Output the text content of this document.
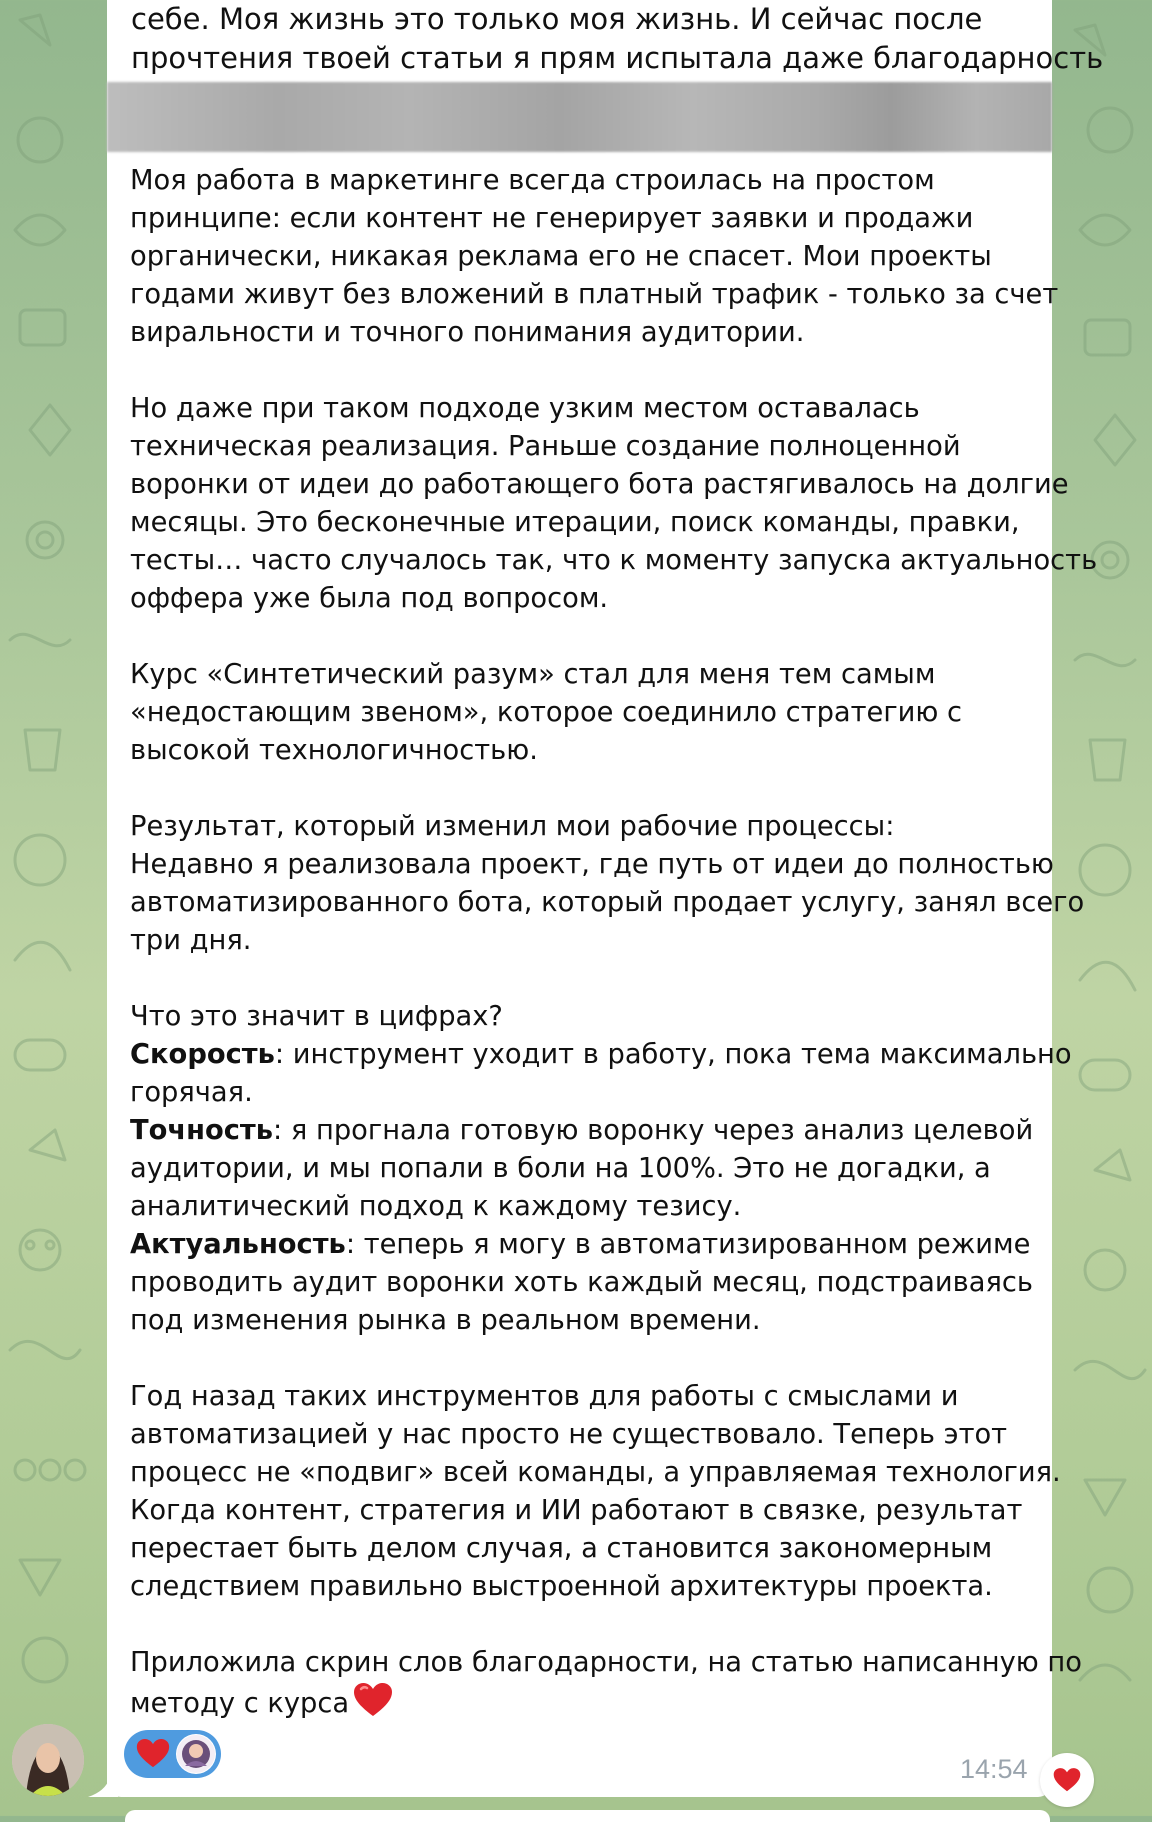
себе. Моя жизнь это только моя жизнь. И сейчас после
прочтения твоей статьи я прям испытала даже благодарность
Моя работа в маркетинге всегда строилась на простом
принципе: если контент не генерирует заявки и продажи
органически, никакая реклама его не спасет. Мои проекты
годами живут без вложений в платный трафик - только за счет
виральности и точного понимания аудитории.
Но даже при таком подходе узким местом оставалась
техническая реализация. Раньше создание полноценной
воронки от идеи до работающего бота растягивалось на долгие
месяцы. Это бесконечные итерации, поиск команды, правки,
тесты… часто случалось так, что к моменту запуска актуальность
оффера уже была под вопросом.
Курс «Синтетический разум» стал для меня тем самым
«недостающим звеном», которое соединило стратегию с
высокой технологичностью.
Результат, который изменил мои рабочие процессы:
Недавно я реализовала проект, где путь от идеи до полностью
автоматизированного бота, который продает услугу, занял всего
три дня.
Что это значит в цифрах?
Скорость: инструмент уходит в работу, пока тема максимально
горячая.
Точность: я прогнала готовую воронку через анализ целевой
аудитории, и мы попали в боли на 100%. Это не догадки, а
аналитический подход к каждому тезису.
Актуальность: теперь я могу в автоматизированном режиме
проводить аудит воронки хоть каждый месяц, подстраиваясь
под изменения рынка в реальном времени.
Год назад таких инструментов для работы с смыслами и
автоматизацией у нас просто не существовало. Теперь этот
процесс не «подвиг» всей команды, а управляемая технология.
Когда контент, стратегия и ИИ работают в связке, результат
перестает быть делом случая, а становится закономерным
следствием правильно выстроенной архитектуры проекта.
Приложила скрин слов благодарности, на статью написанную по
методу с курса
14:54
